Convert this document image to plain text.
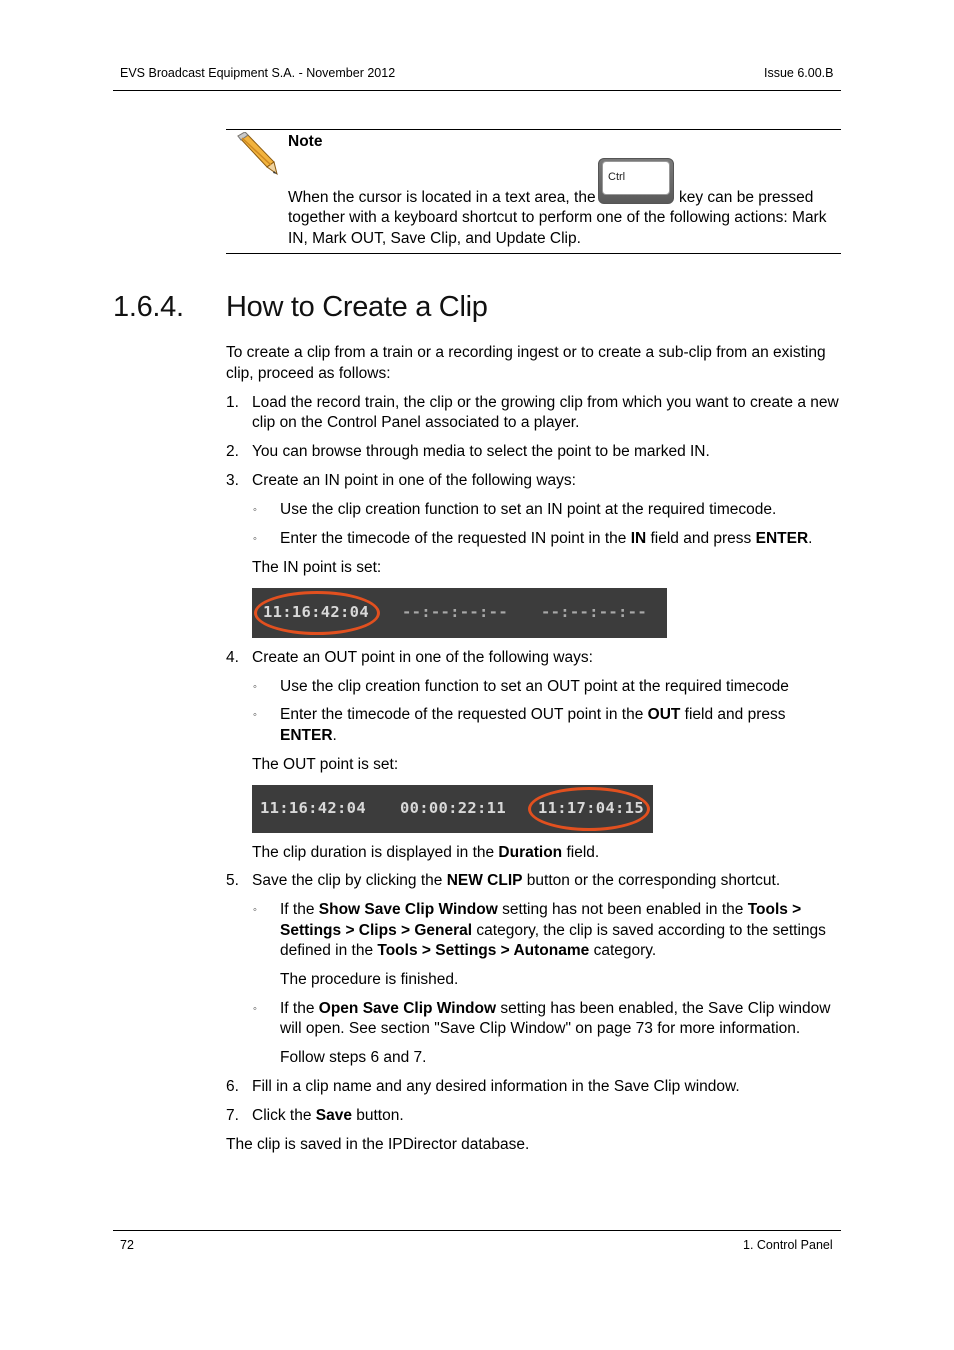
EVS Broadcast Equipment S.A. - November 2012	Issue 6.00.B
Note
Ctrl
When the cursor is located in a text area, the	key can be pressed
together with a keyboard shortcut to perform one of the following actions: Mark
IN, Mark OUT, Save Clip, and Update Clip.
1.6.4. How to Create a Clip
To create a clip from a train or a recording ingest or to create a sub-clip from an existing
clip, proceed as follows:
1. Load the record train, the clip or the growing clip from which you want to create a new
clip on the Control Panel associated to a player.
2. You can browse through media to select the point to be marked IN.
3. Create an IN point in one of the following ways:
◦ Use the clip creation function to set an IN point at the required timecode.
◦ Enter the timecode of the requested IN point in the IN field and press ENTER.
The IN point is set:
11:16:42:04 --:--:--:-- --:--:--:--
4. Create an OUT point in one of the following ways:
◦ Use the clip creation function to set an OUT point at the required timecode
◦ Enter the timecode of the requested OUT point in the OUT field and press
ENTER.
The OUT point is set:
11:16:42:04 00:00:22:11 11:17:04:15
The clip duration is displayed in the Duration field.
5. Save the clip by clicking the NEW CLIP button or the corresponding shortcut.
◦ If the Show Save Clip Window setting has not been enabled in the Tools >
Settings > Clips > General category, the clip is saved according to the settings
defined in the Tools > Settings > Autoname category.
The procedure is finished.
◦ If the Open Save Clip Window setting has been enabled, the Save Clip window
will open. See section "Save Clip Window" on page 73 for more information.
Follow steps 6 and 7.
6. Fill in a clip name and any desired information in the Save Clip window.
7. Click the Save button.
The clip is saved in the IPDirector database.
72	1. Control Panel
